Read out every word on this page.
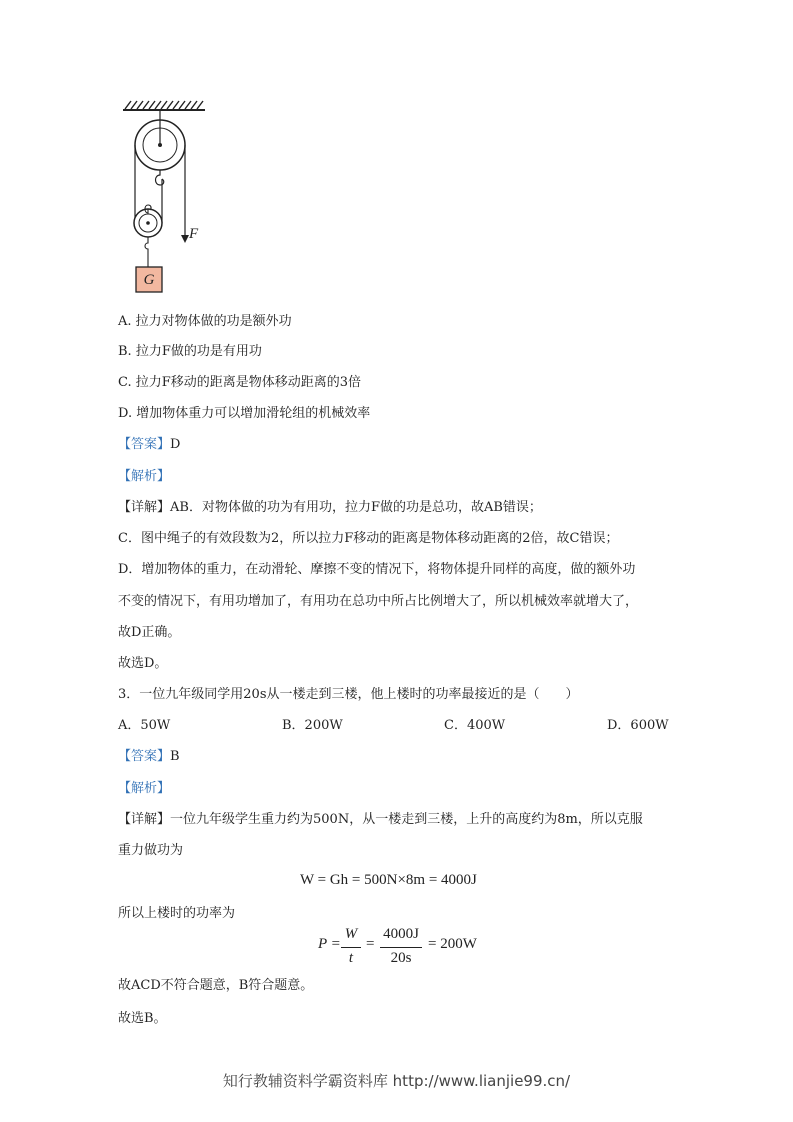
F
G
A. 拉力对物体做的功是额外功
B. 拉力F做的功是有用功
C. 拉力F移动的距离是物体移动距离的3倍
D. 增加物体重力可以增加滑轮组的机械效率
【答案】D
【解析】
【详解】AB．对物体做的功为有用功，拉力F做的功是总功，故AB错误；
C．图中绳子的有效段数为2，所以拉力F移动的距离是物体移动距离的2倍，故C错误；
D．增加物体的重力，在动滑轮、摩擦不变的情况下，将物体提升同样的高度，做的额外功
不变的情况下，有用功增加了，有用功在总功中所占比例增大了，所以机械效率就增大了，
故D正确。
故选D。
3．一位九年级同学用20s从一楼走到三楼，他上楼时的功率最接近的是（　　）
A．50W	B．200W	C．400W	D．600W
【答案】B
【解析】
【详解】一位九年级学生重力约为500N，从一楼走到三楼，上升的高度约为8m，所以克服
重力做功为
W = Gh = 500N×8m = 4000J
所以上楼时的功率为
P =
W
t
=
4000J
20s
= 200W
故ACD不符合题意，B符合题意。
故选B。
知行教辅资料学霸资料库 http://www.lianjie99.cn/
